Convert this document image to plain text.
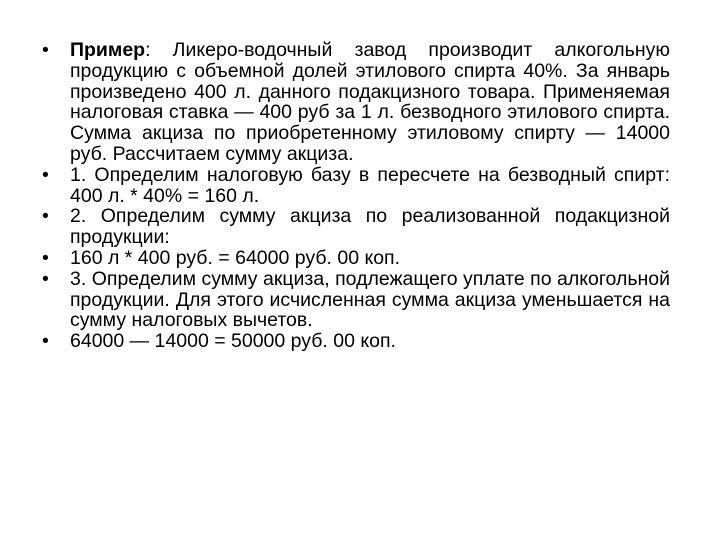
• Пример: Ликеро-водочный завод производит алкогольную продукцию с объемной долей этилового спирта 40%. За январь произведено 400 л. данного подакцизного товара. Применяемая налоговая ставка — 400 руб за 1 л. безводного этилового спирта. Сумма акциза по приобретенному этиловому спирту — 14000 руб. Рассчитаем сумму акциза.
• 1. Определим налоговую базу в пересчете на безводный спирт: 400 л. * 40% = 160 л.
• 2. Определим сумму акциза по реализованной подакцизной продукции:
• 160 л * 400 руб. = 64000 руб. 00 коп.
• 3. Определим сумму акциза, подлежащего уплате по алкогольной продукции. Для этого исчисленная сумма акциза уменьшается на сумму налоговых вычетов.
• 64000 — 14000 = 50000 руб. 00 коп.
